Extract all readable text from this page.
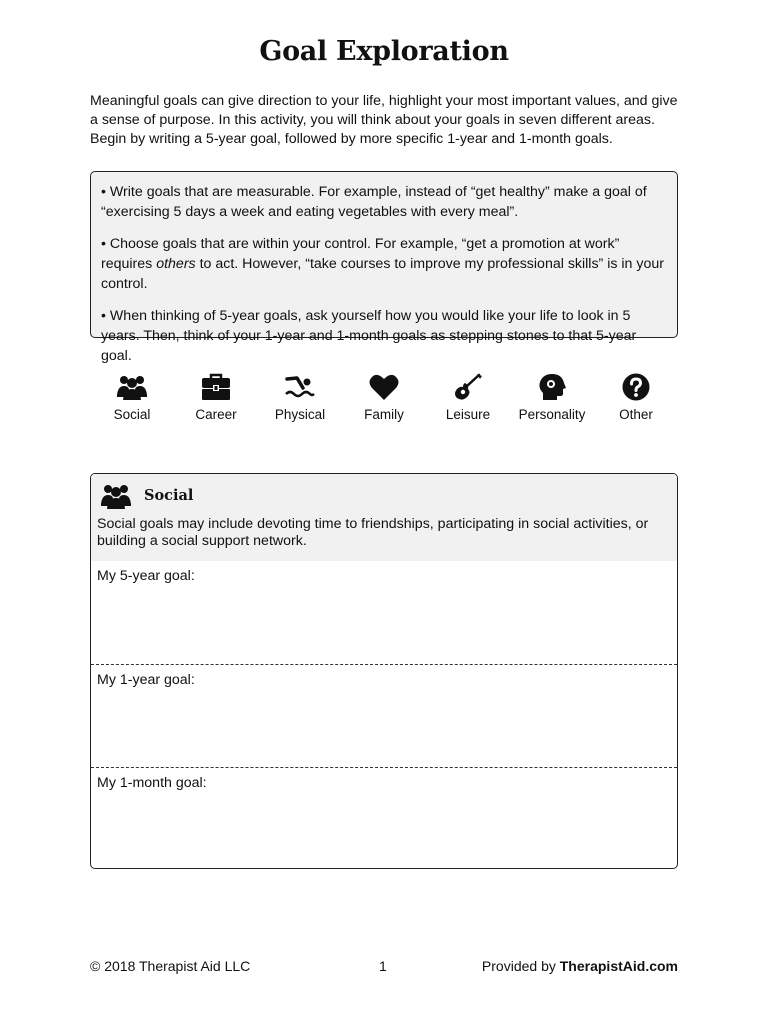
Goal Exploration
Meaningful goals can give direction to your life, highlight your most important values, and give a sense of purpose. In this activity, you will think about your goals in seven different areas. Begin by writing a 5-year goal, followed by more specific 1-year and 1-month goals.

• Write goals that are measurable. For example, instead of “get healthy” make a goal of “exercising 5 days a week and eating vegetables with every meal”.

• Choose goals that are within your control. For example, “get a promotion at work” requires others to act. However, “take courses to improve my professional skills” is in your control.

• When thinking of 5-year goals, ask yourself how you would like your life to look in 5 years. Then, think of your 1-year and 1-month goals as stepping stones to that 5-year goal.

Social	Career	Physical	Family	Leisure	Personality	Other
Social
Social goals may include devoting time to friendships, participating in social activities, or building a social support network.
My 5-year goal:
My 1-year goal:
My 1-month goal:
© 2018 Therapist Aid LLC	1	Provided by TherapistAid.com
